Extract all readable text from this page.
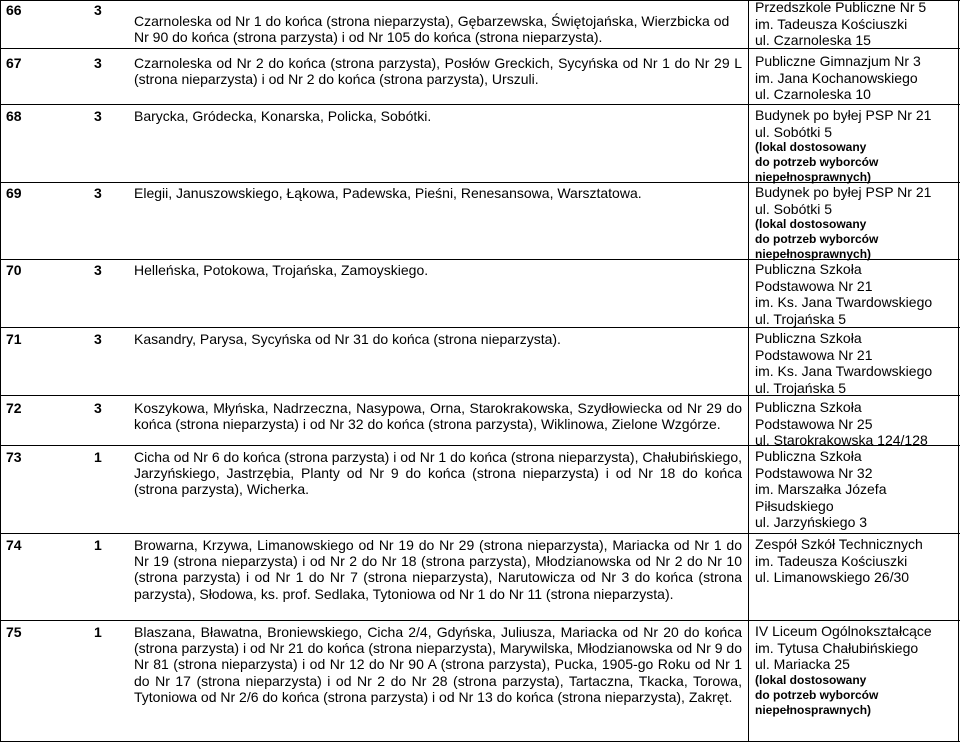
66	3
Czarnoleska od Nr 1 do końca (strona nieparzysta), Gębarzewska, Świętojańska, Wierzbicka od Nr 90 do końca (strona parzysta) i od Nr 105 do końca (strona nieparzysta).
Przedszkole Publiczne Nr 5
im. Tadeusza Kościuszki
ul. Czarnoleska 15
67	3 Czarnoleska od Nr 2 do końca (strona parzysta), Posłów Greckich, Sycyńska od Nr 1 do Nr 29 L (strona nieparzysta) i od Nr 2 do końca (strona parzysta), Urszuli.
Publiczne Gimnazjum Nr 3
im. Jana Kochanowskiego
ul. Czarnoleska 10
68	3 Barycka, Gródecka, Konarska, Policka, Sobótki.	Budynek po byłej PSP Nr 21
ul. Sobótki 5
(lokal dostosowany
do potrzeb wyborców
niepełnosprawnych)
69	3 Elegii, Januszowskiego, Łąkowa, Padewska, Pieśni, Renesansowa, Warsztatowa.	Budynek po byłej PSP Nr 21
ul. Sobótki 5
(lokal dostosowany
do potrzeb wyborców
niepełnosprawnych)
70	3 Helleńska, Potokowa, Trojańska, Zamoyskiego.	Publiczna Szkoła
Podstawowa Nr 21
im. Ks. Jana Twardowskiego
ul. Trojańska 5
71	3 Kasandry, Parysa, Sycyńska od Nr 31 do końca (strona nieparzysta).	Publiczna Szkoła
Podstawowa Nr 21
im. Ks. Jana Twardowskiego
ul. Trojańska 5
72	3 Koszykowa, Młyńska, Nadrzeczna, Nasypowa, Orna, Starokrakowska, Szydłowiecka od Nr 29 do końca (strona nieparzysta) i od Nr 32 do końca (strona parzysta), Wiklinowa, Zielone Wzgórze.
Publiczna Szkoła
Podstawowa Nr 25
ul. Starokrakowska 124/128
73	1 Cicha od Nr 6 do końca (strona parzysta) i od Nr 1 do końca (strona nieparzysta), Chałubińskiego, Jarzyńskiego, Jastrzębia, Planty od Nr 9 do końca (strona nieparzysta) i od Nr 18 do końca (strona parzysta), Wicherka.
Publiczna Szkoła
Podstawowa Nr 32
im. Marszałka Józefa
Piłsudskiego
ul. Jarzyńskiego 3
74	1 Browarna, Krzywa, Limanowskiego od Nr 19 do Nr 29 (strona nieparzysta), Mariacka od Nr 1 do Nr 19 (strona nieparzysta) i od Nr 2 do Nr 18 (strona parzysta), Młodzianowska od Nr 2 do Nr 10 (strona parzysta) i od Nr 1 do Nr 7 (strona nieparzysta), Narutowicza od Nr 3 do końca (strona parzysta), Słodowa, ks. prof. Sedlaka, Tytoniowa od Nr 1 do Nr 11 (strona nieparzysta).
Zespół Szkół Technicznych
im. Tadeusza Kościuszki
ul. Limanowskiego 26/30
75	1 Blaszana, Bławatna, Broniewskiego, Cicha 2/4, Gdyńska, Juliusza, Mariacka od Nr 20 do końca (strona parzysta) i od Nr 21 do końca (strona nieparzysta), Marywilska, Młodzianowska od Nr 9 do Nr 81 (strona nieparzysta) i od Nr 12 do Nr 90 A (strona parzysta), Pucka, 1905-go Roku od Nr 1 do Nr 17 (strona nieparzysta) i od Nr 2 do Nr 28 (strona parzysta), Tartaczna, Tkacka, Torowa, Tytoniowa od Nr 2/6 do końca (strona parzysta) i od Nr 13 do końca (strona nieparzysta), Zakręt.
IV Liceum Ogólnokształcące
im. Tytusa Chałubińskiego
ul. Mariacka 25
(lokal dostosowany
do potrzeb wyborców
niepełnosprawnych)
